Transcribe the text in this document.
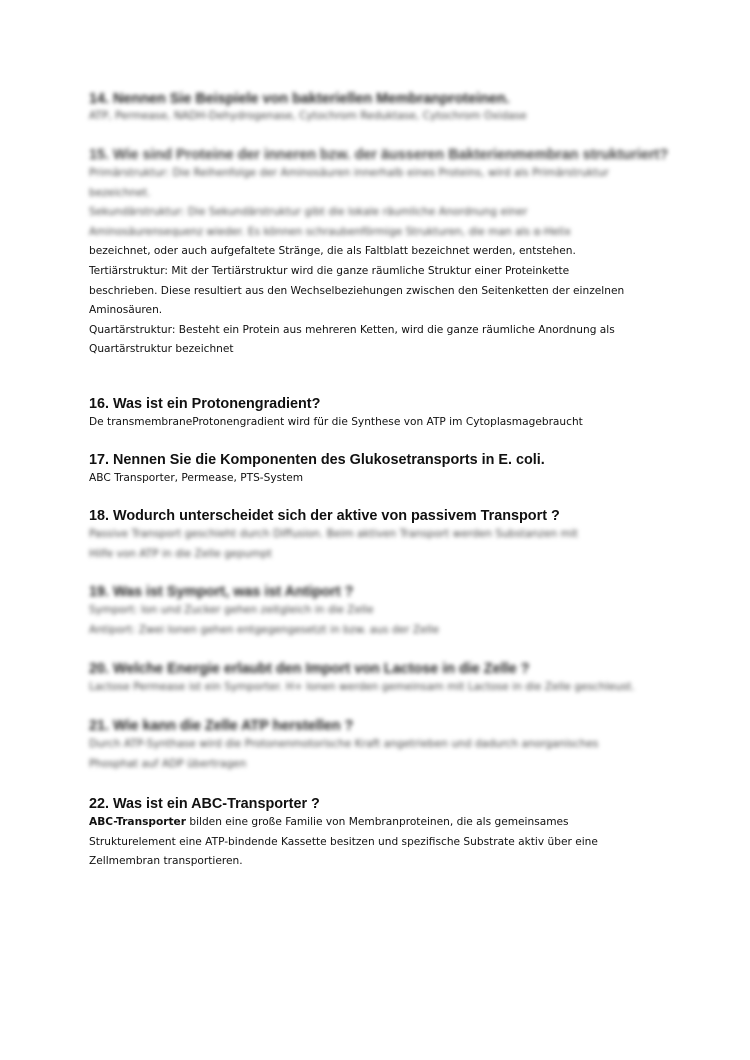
14. Nennen Sie Beispiele von bakteriellen Membranproteinen.

ATP, Permease, NADH-Dehydrogenase, Cytochrom Reduktase, Cytochrom Oxidase

15. Wie sind Proteine der inneren bzw. der äusseren Bakterienmembran strukturiert?

Primärstruktur: Die Reihenfolge der Aminosäuren innerhalb eines Proteins, wird als Primärstruktur
bezeichnet.
Sekundärstruktur: Die Sekundärstruktur gibt die lokale räumliche Anordnung einer
Aminosäurensequenz wieder. Es können schraubenförmige Strukturen, die man als α-Helix
bezeichnet, oder auch aufgefaltete Stränge, die als Faltblatt bezeichnet werden, entstehen.
Tertiärstruktur: Mit der Tertiärstruktur wird die ganze räumliche Struktur einer Proteinkette
beschrieben. Diese resultiert aus den Wechselbeziehungen zwischen den Seitenketten der einzelnen
Aminosäuren.
Quartärstruktur: Besteht ein Protein aus mehreren Ketten, wird die ganze räumliche Anordnung als
Quartärstruktur bezeichnet

16. Was ist ein Protonengradient?

De transmembraneProtonengradient wird für die Synthese von ATP im Cytoplasmagebraucht

17. Nennen Sie die Komponenten des Glukosetransports in E. coli.

ABC Transporter, Permease, PTS-System

18. Wodurch unterscheidet sich der aktive von passivem Transport ?

Passive Transport geschieht durch Diffusion. Beim aktiven Transport werden Substanzen mit
Hilfe von ATP in die Zelle gepumpt

19. Was ist Symport, was ist Antiport ?

Symport: Ion und Zucker gehen zeitgleich in die Zelle
Antiport: Zwei Ionen gehen entgegengesetzt in bzw. aus der Zelle

20. Welche Energie erlaubt den Import von Lactose in die Zelle ?

Lactose Permease ist ein Symporter. H+ Ionen werden gemeinsam mit Lactose in die Zelle geschleust.

21. Wie kann die Zelle ATP herstellen ?

Durch ATP-Synthase wird die Protonenmotorische Kraft angetrieben und dadurch anorganisches
Phosphat auf ADP übertragen

22. Was ist ein ABC-Transporter ?

ABC-Transporter bilden eine große Familie von Membranproteinen, die als gemeinsames
Strukturelement eine ATP-bindende Kassette besitzen und spezifische Substrate aktiv über eine
Zellmembran transportieren.
